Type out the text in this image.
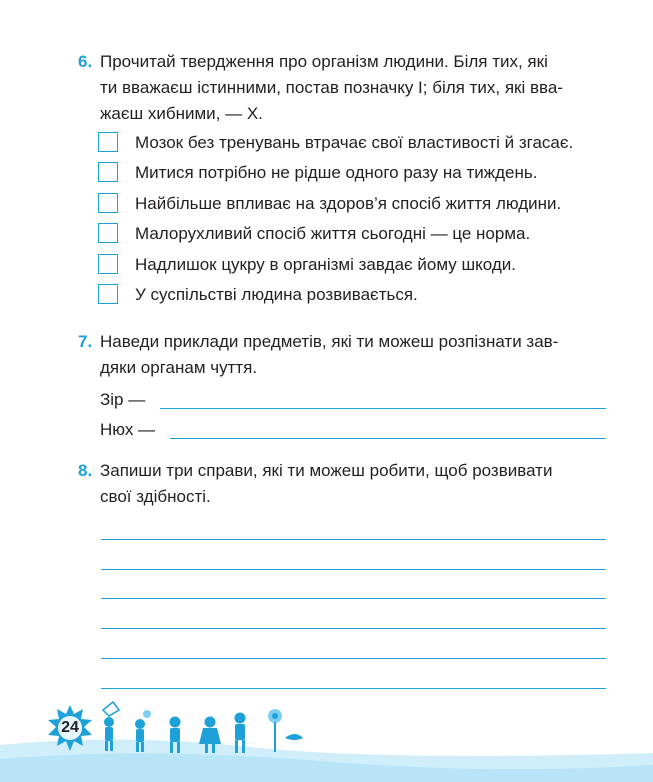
6. Прочитай твердження про організм людини. Біля тих, які
ти вважаєш істинними, постав позначку І; біля тих, які вва-
жаєш хибними, — Х.
Мозок без тренувань втрачає свої властивості й згасає.
Митися потрібно не рідше одного разу на тиждень.
Найбільше впливає на здоров’я спосіб життя людини.
Малорухливий спосіб життя сьогодні — це норма.
Надлишок цукру в організмі завдає йому шкоди.
У суспільстві людина розвивається.
7. Наведи приклади предметів, які ти можеш розпізнати зав-
дяки органам чуття.
Зір —
Нюх —
8. Запиши три справи, які ти можеш робити, щоб розвивати
свої здібності.
24
